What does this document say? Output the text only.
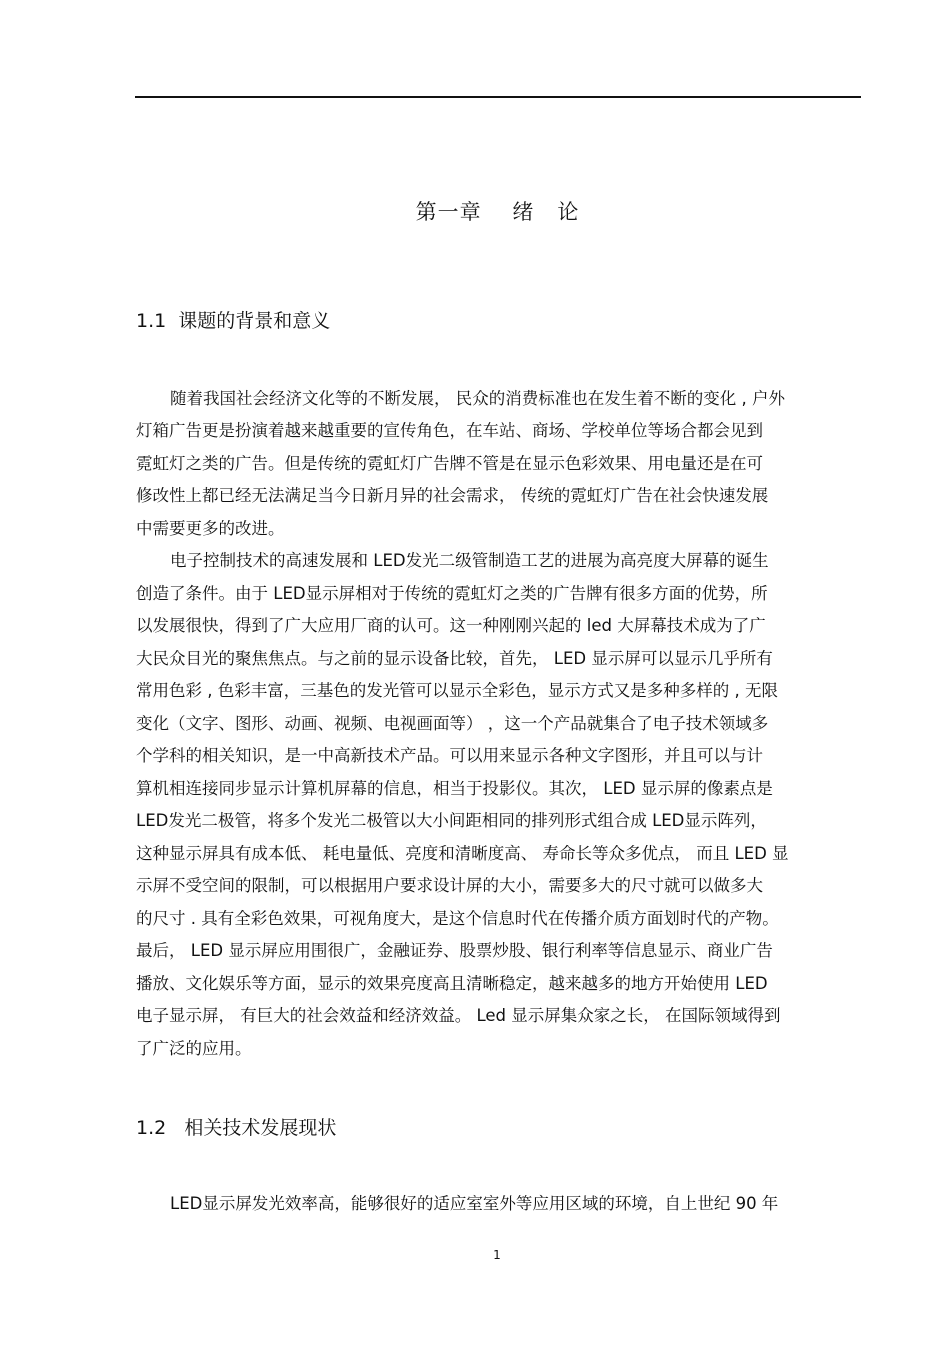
第一章    绪   论
1.1  课题的背景和意义
随着我国社会经济文化等的不断发展， 民众的消费标准也在发生着不断的变化 , 户外
灯箱广告更是扮演着越来越重要的宣传角色，在车站、商场、学校单位等场合都会见到
霓虹灯之类的广告。但是传统的霓虹灯广告牌不管是在显示色彩效果、用电量还是在可
修改性上都已经无法满足当今日新月异的社会需求， 传统的霓虹灯广告在社会快速发展
中需要更多的改进。
电子控制技术的高速发展和 LED发光二级管制造工艺的进展为高亮度大屏幕的诞生
创造了条件。由于 LED显示屏相对于传统的霓虹灯之类的广告牌有很多方面的优势，所
以发展很快，得到了广大应用厂商的认可。这一种刚刚兴起的 led 大屏幕技术成为了广
大民众目光的聚焦焦点。与之前的显示设备比较，首先， LED 显示屏可以显示几乎所有
常用色彩 , 色彩丰富，三基色的发光管可以显示全彩色，显示方式又是多种多样的 , 无限
变化（文字、图形、动画、视频、电视画面等） ，这一个产品就集合了电子技术领域多
个学科的相关知识，是一中高新技术产品。可以用来显示各种文字图形，并且可以与计
算机相连接同步显示计算机屏幕的信息，相当于投影仪。其次， LED 显示屏的像素点是
LED发光二极管，将多个发光二极管以大小间距相同的排列形式组合成 LED显示阵列，
这种显示屏具有成本低、 耗电量低、亮度和清晰度高、 寿命长等众多优点， 而且 LED 显
示屏不受空间的限制，可以根据用户要求设计屏的大小，需要多大的尺寸就可以做多大
的尺寸 . 具有全彩色效果，可视角度大，是这个信息时代在传播介质方面划时代的产物。
最后， LED 显示屏应用围很广，金融证券、股票炒股、银行利率等信息显示、商业广告
播放、文化娱乐等方面，显示的效果亮度高且清晰稳定，越来越多的地方开始使用 LED
电子显示屏， 有巨大的社会效益和经济效益。 Led 显示屏集众家之长， 在国际领域得到
了广泛的应用。
1.2   相关技术发展现状
LED显示屏发光效率高，能够很好的适应室室外等应用区域的环境，自上世纪 90 年
1
